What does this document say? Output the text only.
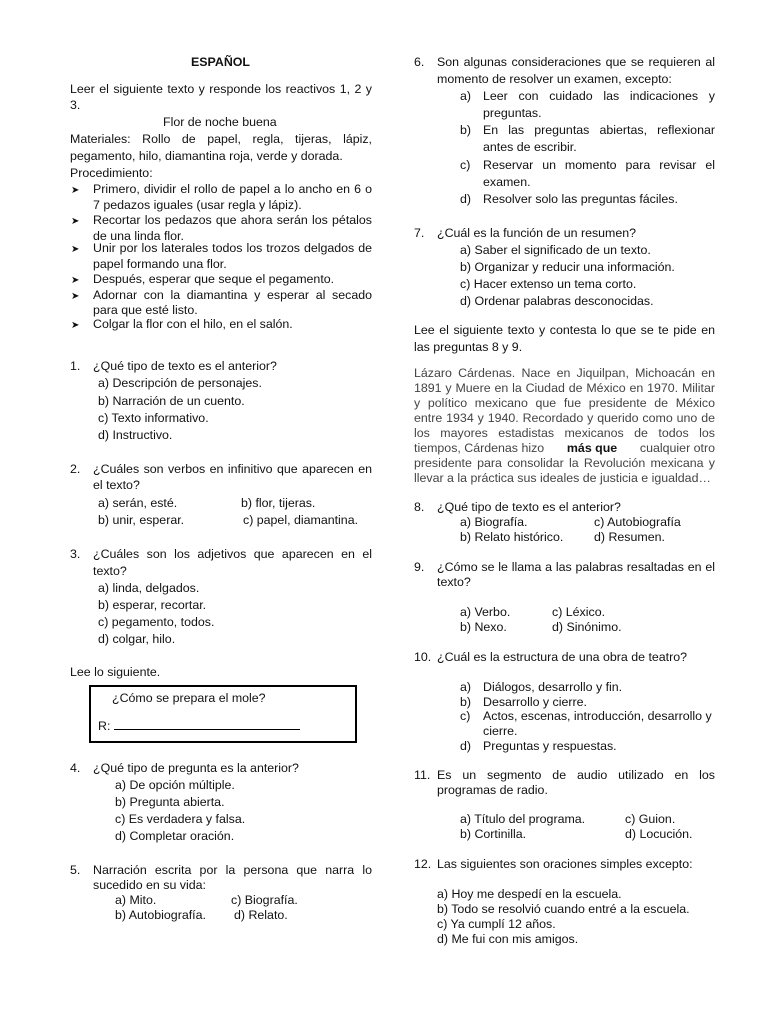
ESPAÑOL
Leer el siguiente texto y responde los reactivos 1, 2 y
3.
Flor de noche buena
Materiales: Rollo de papel, regla, tijeras, lápiz,
pegamento, hilo, diamantina roja, verde y dorada.
Procedimiento:
➤ Primero, dividir el rollo de papel a lo ancho en 6 o
7 pedazos iguales (usar regla y lápiz).
➤ Recortar los pedazos que ahora serán los pétalos
de una linda flor.
➤ Unir por los laterales todos los trozos delgados de
papel formando una flor.
➤ Después, esperar que seque el pegamento.
➤ Adornar con la diamantina y esperar al secado
para que esté listo.
➤ Colgar la flor con el hilo, en el salón.
1. ¿Qué tipo de texto es el anterior?
a) Descripción de personajes.
b) Narración de un cuento.
c) Texto informativo.
d) Instructivo.
2. ¿Cuáles son verbos en infinitivo que aparecen en
el texto?
a) serán, esté.	b) flor, tijeras.
b) unir, esperar.	c) papel, diamantina.
3. ¿Cuáles son los adjetivos que aparecen en el
texto?
a) linda, delgados.
b) esperar, recortar.
c) pegamento, todos.
d) colgar, hilo.
Lee lo siguiente.
¿Cómo se prepara el mole?
R:
4. ¿Qué tipo de pregunta es la anterior?
a) De opción múltiple.
b) Pregunta abierta.
c) Es verdadera y falsa.
d) Completar oración.
5. Narración escrita por la persona que narra lo
sucedido en su vida:
a) Mito.	c) Biografía.
b) Autobiografía. d) Relato.
6. Son algunas consideraciones que se requieren al
momento de resolver un examen, excepto:
a) Leer con cuidado las indicaciones y
preguntas.
b) En las preguntas abiertas, reflexionar
antes de escribir.
c) Reservar un momento para revisar el
examen.
d) Resolver solo las preguntas fáciles.
7. ¿Cuál es la función de un resumen?
a) Saber el significado de un texto.
b) Organizar y reducir una información.
c) Hacer extenso un tema corto.
d) Ordenar palabras desconocidas.
Lee el siguiente texto y contesta lo que se te pide en
las preguntas 8 y 9.
Lázaro Cárdenas. Nace en Jiquilpan, Michoacán en
1891 y Muere en la Ciudad de México en 1970. Militar
y político mexicano que fue presidente de México
entre 1934 y 1940. Recordado y querido como uno de
los mayores estadistas mexicanos de todos los
tiempos, Cárdenas hizo más que cualquier otro
presidente para consolidar la Revolución mexicana y
llevar a la práctica sus ideales de justicia e igualdad…
8. ¿Qué tipo de texto es el anterior?
a) Biografía.	c) Autobiografía
b) Relato histórico. d) Resumen.
9. ¿Cómo se le llama a las palabras resaltadas en el
texto?
a) Verbo.	c) Léxico.
b) Nexo.	d) Sinónimo.
10. ¿Cuál es la estructura de una obra de teatro?
a) Diálogos, desarrollo y fin.
b) Desarrollo y cierre.
c) Actos, escenas, introducción, desarrollo y
cierre.
d) Preguntas y respuestas.
11. Es un segmento de audio utilizado en los
programas de radio.
a) Título del programa.	c) Guion.
b) Cortinilla.	d) Locución.
12. Las siguientes son oraciones simples excepto:
a) Hoy me despedí en la escuela.
b) Todo se resolvió cuando entré a la escuela.
c) Ya cumplí 12 años.
d) Me fui con mis amigos.
